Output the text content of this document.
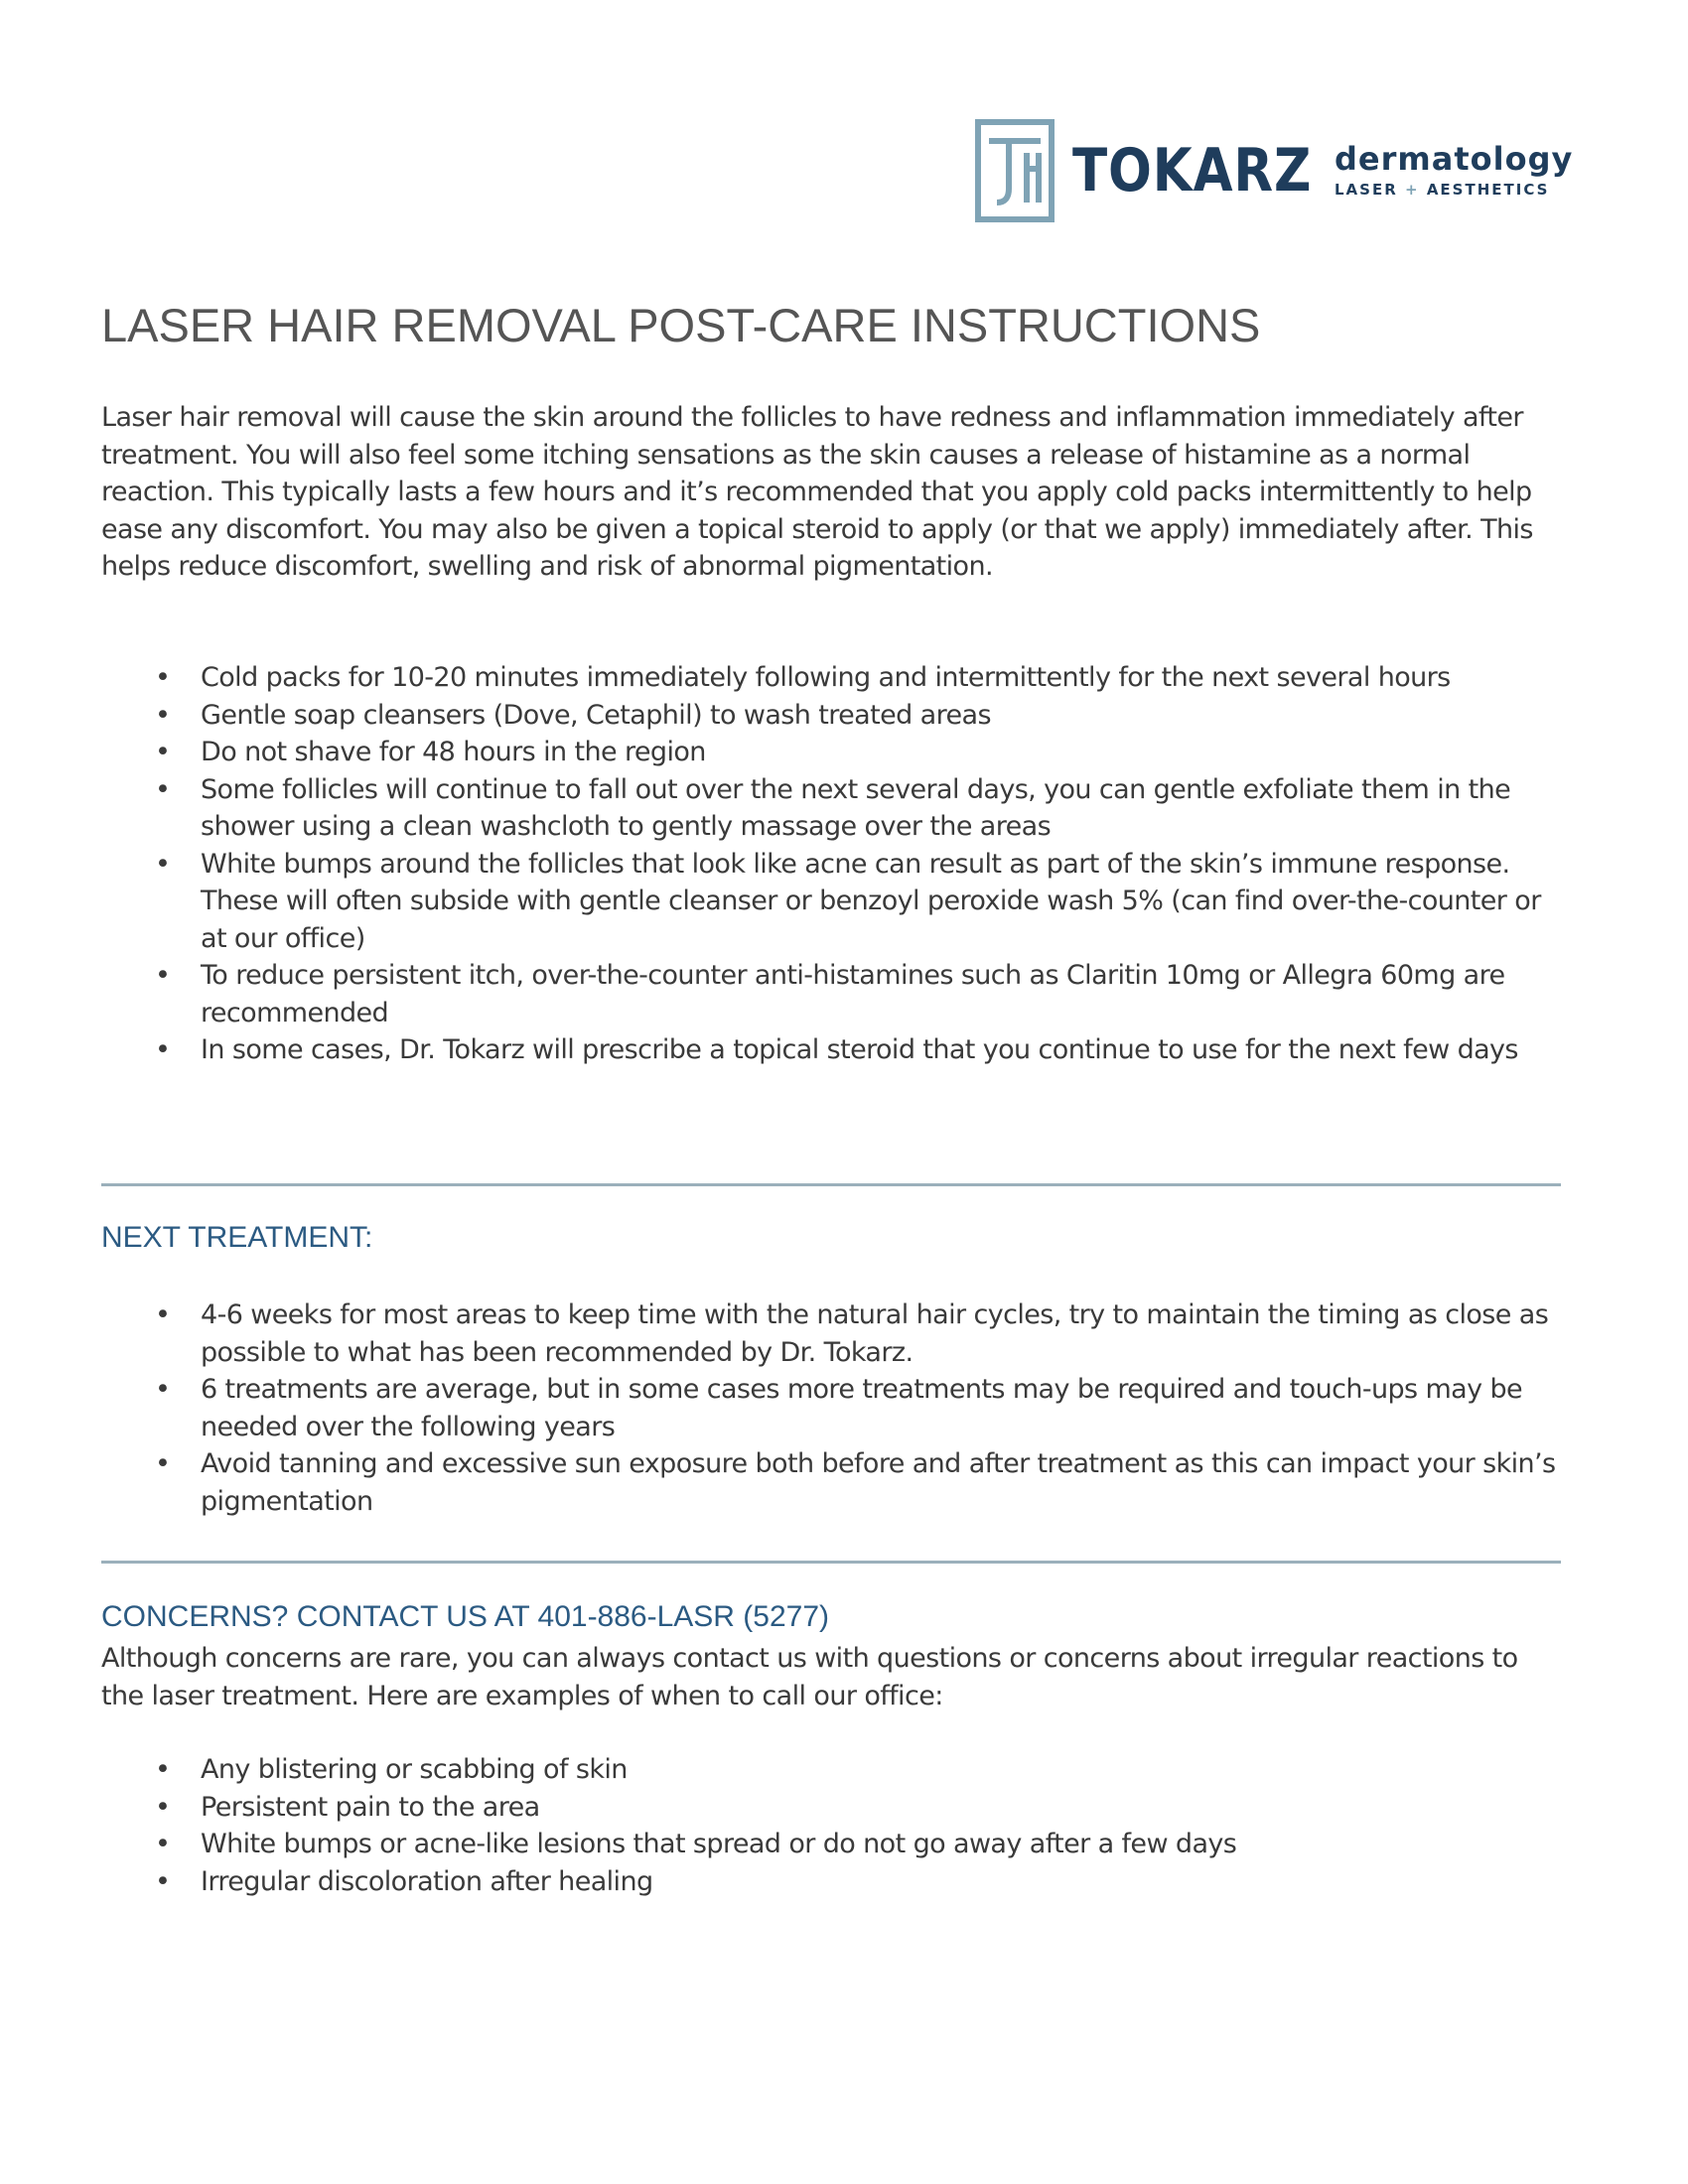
TOKARZ dermatology
LASER + AESTHETICS
LASER HAIR REMOVAL POST-CARE INSTRUCTIONS

Laser hair removal will cause the skin around the follicles to have redness and inflammation immediately after treatment. You will also feel some itching sensations as the skin causes a release of histamine as a normal reaction. This typically lasts a few hours and it’s recommended that you apply cold packs intermittently to help ease any discomfort. You may also be given a topical steroid to apply (or that we apply) immediately after. This helps reduce discomfort, swelling and risk of abnormal pigmentation.

• Cold packs for 10-20 minutes immediately following and intermittently for the next several hours
• Gentle soap cleansers (Dove, Cetaphil) to wash treated areas
• Do not shave for 48 hours in the region
• Some follicles will continue to fall out over the next several days, you can gentle exfoliate them in the shower using a clean washcloth to gently massage over the areas
• White bumps around the follicles that look like acne can result as part of the skin’s immune response. These will often subside with gentle cleanser or benzoyl peroxide wash 5% (can find over-the-counter or at our office)
• To reduce persistent itch, over-the-counter anti-histamines such as Claritin 10mg or Allegra 60mg are recommended
• In some cases, Dr. Tokarz will prescribe a topical steroid that you continue to use for the next few days
NEXT TREATMENT:
• 4-6 weeks for most areas to keep time with the natural hair cycles, try to maintain the timing as close as possible to what has been recommended by Dr. Tokarz.
• 6 treatments are average, but in some cases more treatments may be required and touch-ups may be needed over the following years
• Avoid tanning and excessive sun exposure both before and after treatment as this can impact your skin’s pigmentation
CONCERNS? CONTACT US AT 401-886-LASR (5277)

Although concerns are rare, you can always contact us with questions or concerns about irregular reactions to the laser treatment. Here are examples of when to call our office:

• Any blistering or scabbing of skin
• Persistent pain to the area
• White bumps or acne-like lesions that spread or do not go away after a few days
• Irregular discoloration after healing
